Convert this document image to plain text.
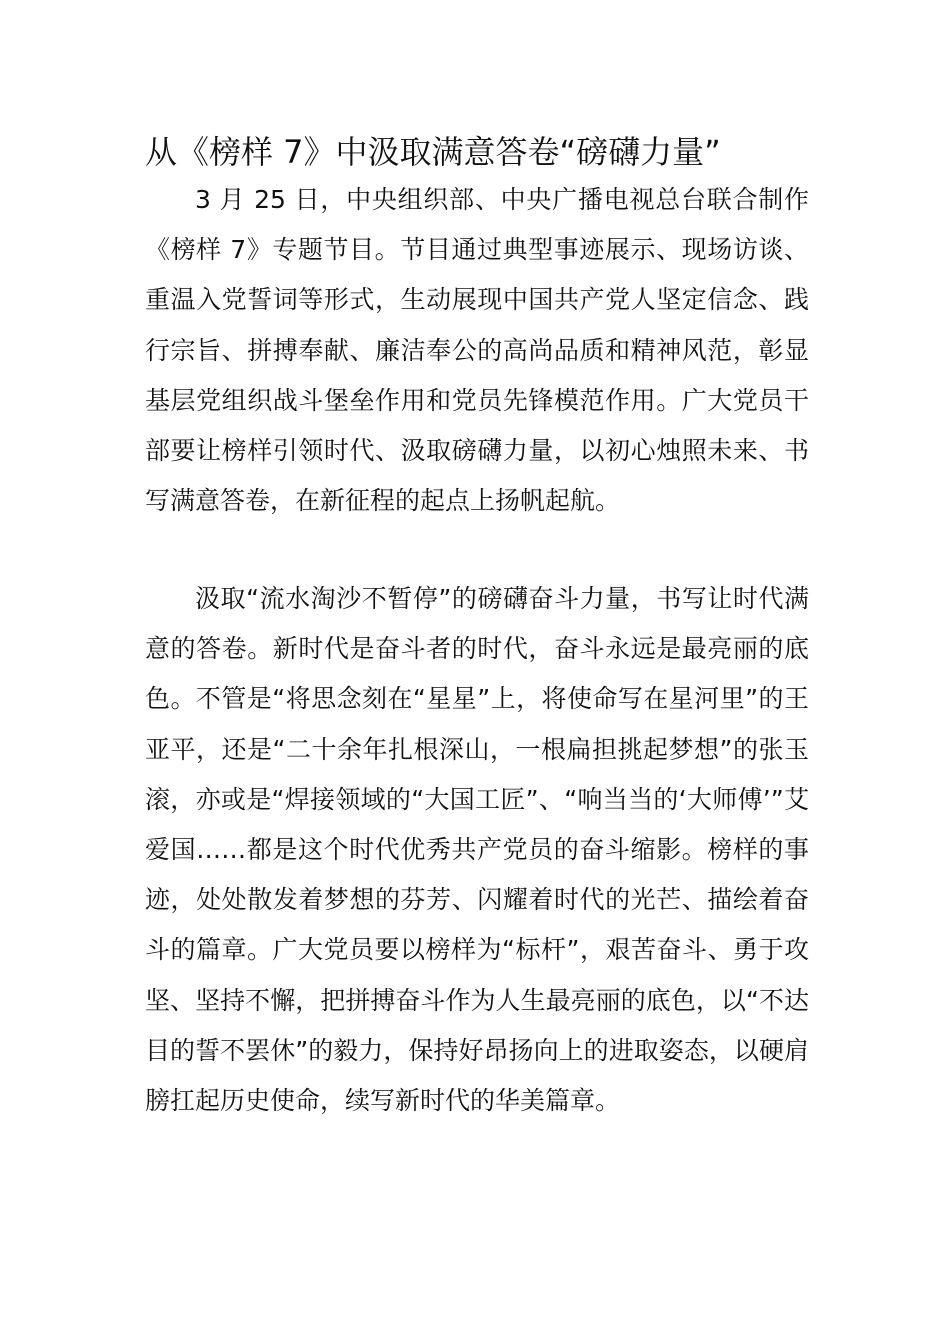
从《榜样 7》中汲取满意答卷“磅礴力量”

3 月 25 日，中央组织部、中央广播电视总台联合制作《榜样 7》专题节目。节目通过典型事迹展示、现场访谈、重温入党誓词等形式，生动展现中国共产党人坚定信念、践行宗旨、拼搏奉献、廉洁奉公的高尚品质和精神风范，彰显基层党组织战斗堡垒作用和党员先锋模范作用。广大党员干部要让榜样引领时代、汲取磅礴力量，以初心烛照未来、书写满意答卷，在新征程的起点上扬帆起航。

汲取“流水淘沙不暂停”的磅礴奋斗力量，书写让时代满意的答卷。新时代是奋斗者的时代，奋斗永远是最亮丽的底色。不管是“将思念刻在“星星”上，将使命写在星河里”的王亚平，还是“二十余年扎根深山，一根扁担挑起梦想”的张玉滚，亦或是“焊接领域的“大国工匠”、“响当当的‘大师傅’”艾爱国……都是这个时代优秀共产党员的奋斗缩影。榜样的事迹，处处散发着梦想的芬芳、闪耀着时代的光芒、描绘着奋斗的篇章。广大党员要以榜样为“标杆”，艰苦奋斗、勇于攻坚、坚持不懈，把拼搏奋斗作为人生最亮丽的底色，以“不达目的誓不罢休”的毅力，保持好昂扬向上的进取姿态，以硬肩膀扛起历史使命，续写新时代的华美篇章。
